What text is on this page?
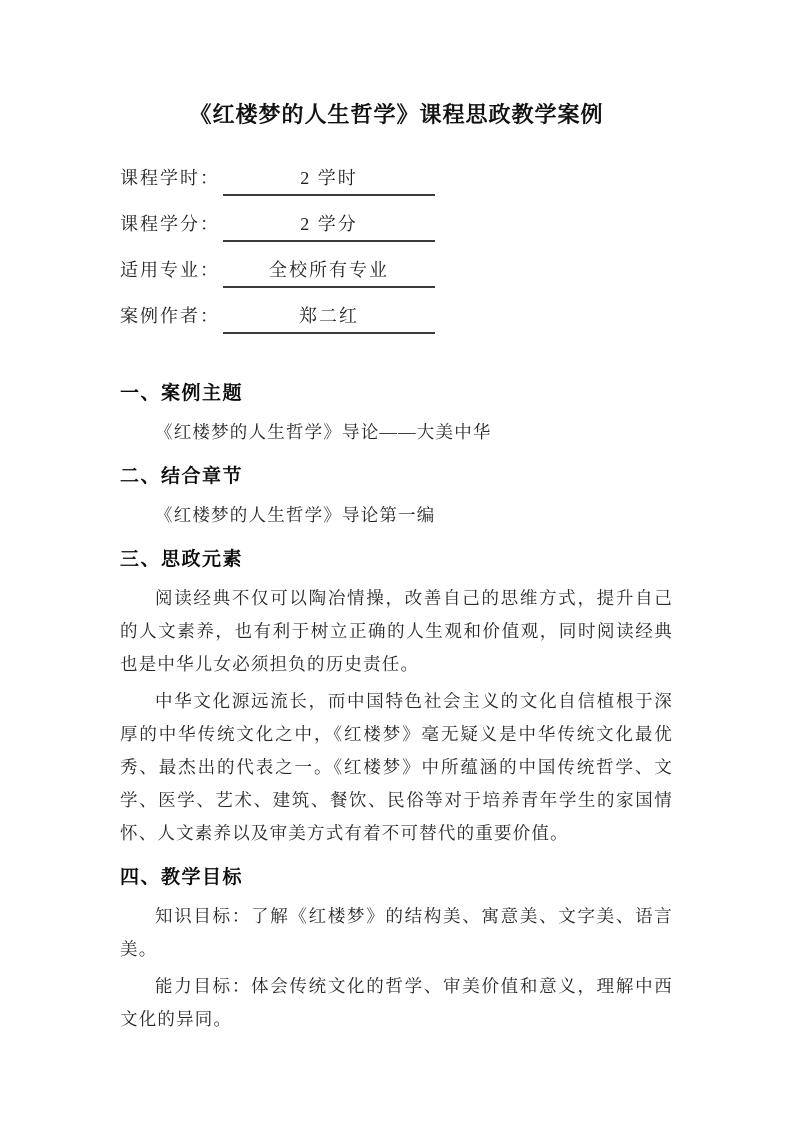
《红楼梦的人生哲学》课程思政教学案例
课程学时：	2 学时
课程学分：	2 学分
适用专业：	全校所有专业
案例作者：	郑二红
一、案例主题

《红楼梦的人生哲学》导论——大美中华

二、结合章节

《红楼梦的人生哲学》导论第一编

三、思政元素

阅读经典不仅可以陶冶情操，改善自己的思维方式，提升自己的人文素养，也有利于树立正确的人生观和价值观，同时阅读经典也是中华儿女必须担负的历史责任。

中华文化源远流长，而中国特色社会主义的文化自信植根于深厚的中华传统文化之中，《红楼梦》毫无疑义是中华传统文化最优秀、最杰出的代表之一。《红楼梦》中所蕴涵的中国传统哲学、文学、医学、艺术、建筑、餐饮、民俗等对于培养青年学生的家国情怀、人文素养以及审美方式有着不可替代的重要价值。

四、教学目标

知识目标：了解《红楼梦》的结构美、寓意美、文字美、语言美。

能力目标：体会传统文化的哲学、审美价值和意义，理解中西文化的异同。
